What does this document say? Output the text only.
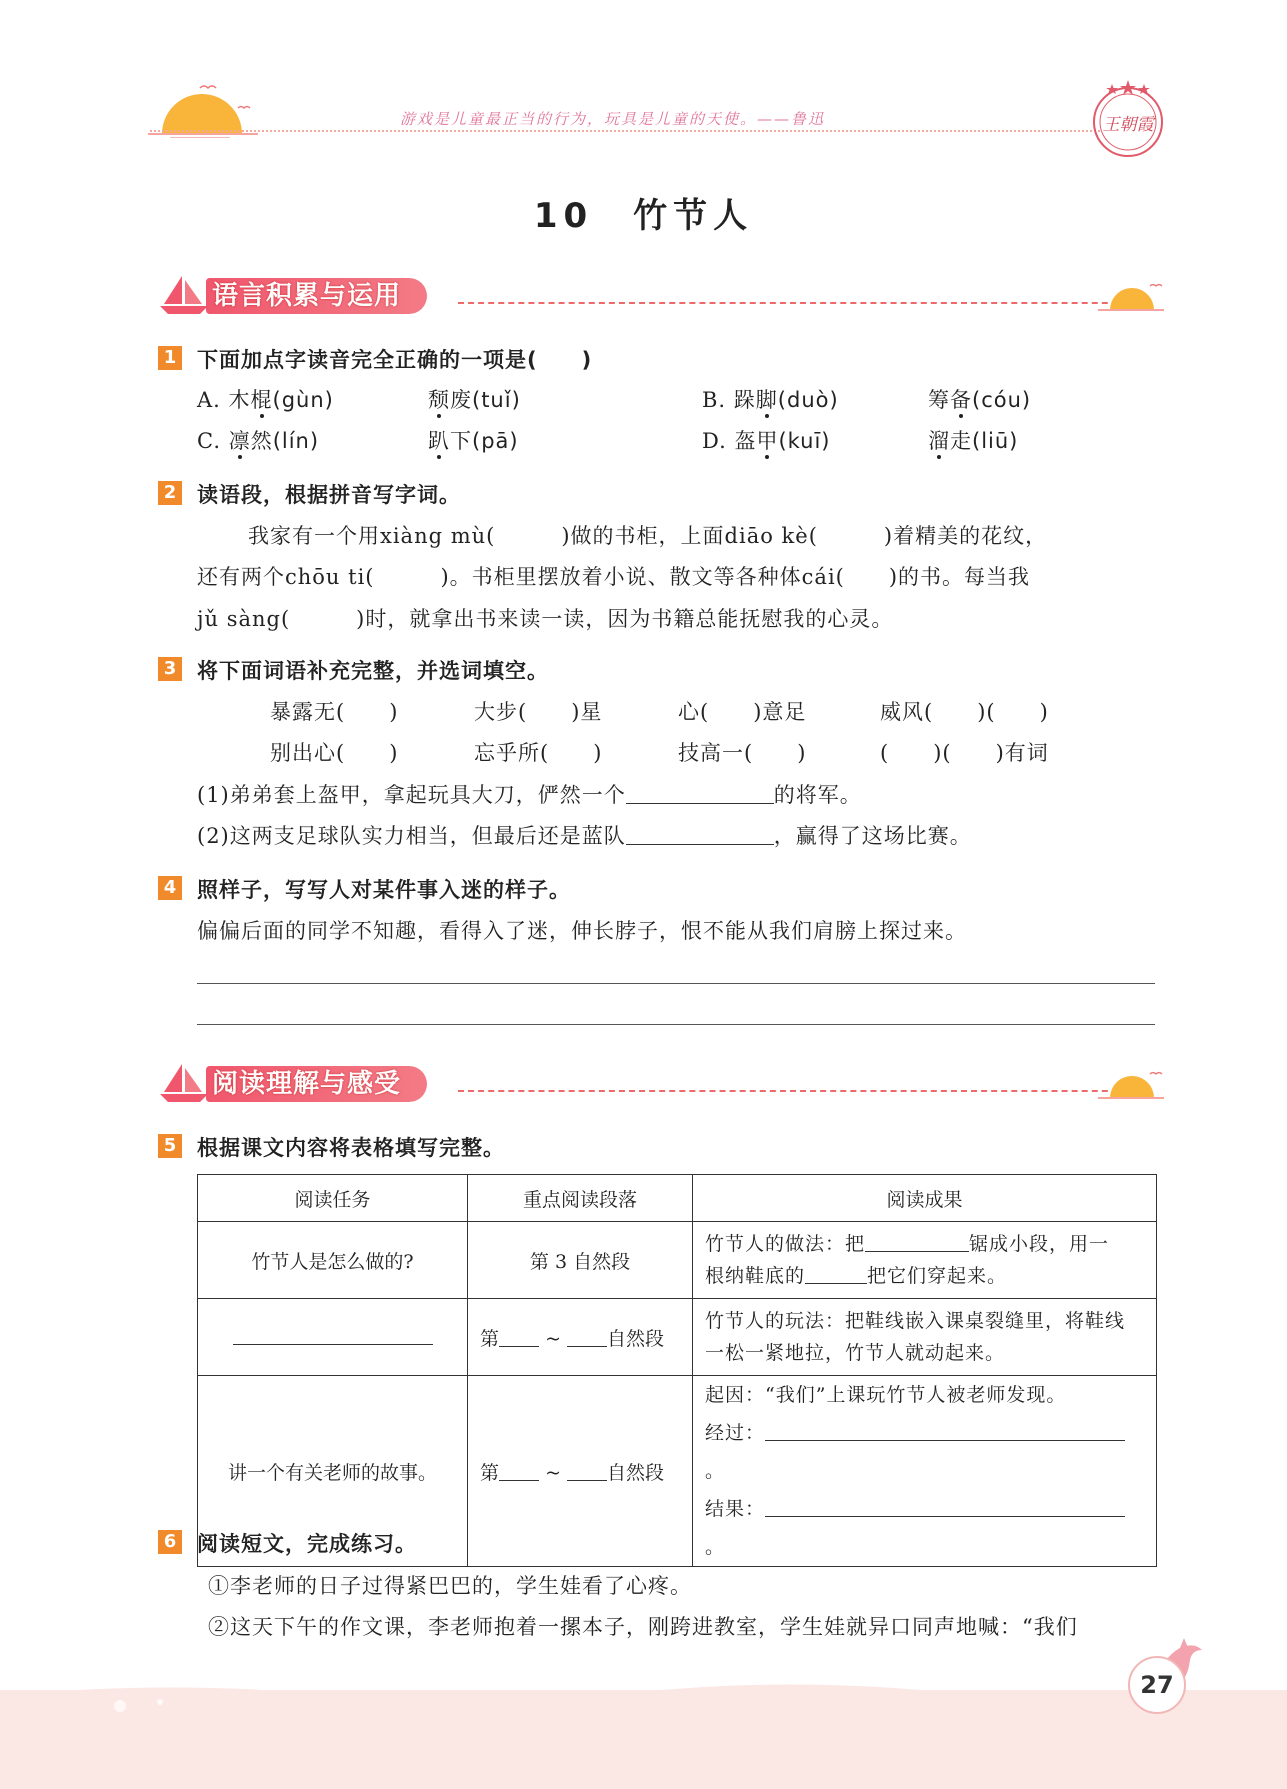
游戏是儿童最正当的行为，玩具是儿童的天使。——鲁迅	王朝霞
10　竹节人
语言积累与运用
1 下面加点字读音完全正确的一项是(　　)
A. 木棍(gùn)	颓废(tuǐ)	B. 跺脚(duò)	筹备(cóu)
C. 凛然(lín)	趴下(pā)	D. 盔甲(kuī)	溜走(liū)
2 读语段，根据拼音写字词。
我家有一个用xiàng mù(　　　)做的书柜，上面diāo kè(　　　)着精美的花纹，
还有两个chōu ti(　　　)。书柜里摆放着小说、散文等各种体cái(　　)的书。每当我
jǔ sàng(　　　)时，就拿出书来读一读，因为书籍总能抚慰我的心灵。
3 将下面词语补充完整，并选词填空。
暴露无(　　)	大步(　　)星	心(　　)意足	威风(　　)(　　)
别出心(　　)	忘乎所(　　)	技高一(　　)	(　　)(　　)有词
(1)弟弟套上盔甲，拿起玩具大刀，俨然一个	的将军。
(2)这两支足球队实力相当，但最后还是蓝队	，赢得了这场比赛。
4 照样子，写写人对某件事入迷的样子。
偏偏后面的同学不知趣，看得入了迷，伸长脖子，恨不能从我们肩膀上探过来。
阅读理解与感受
5 根据课文内容将表格填写完整。
阅读任务	重点阅读段落	阅读成果
竹节人是怎么做的?	第 3 自然段	竹节人的做法：把 锯成小段，用一
根纳鞋底的 把它们穿起来。

	第 ~ 自然段	竹节人的玩法：把鞋线嵌入课桌裂缝里，将鞋线一松一紧地拉，竹节人就动起来。

讲一个有关老师的故事。	第 ~ 自然段	起因：“我们”上课玩竹节人被老师发现。
经过：。
结果：。
6 阅读短文，完成练习。
①李老师的日子过得紧巴巴的，学生娃看了心疼。
②这天下午的作文课，李老师抱着一摞本子，刚跨进教室，学生娃就异口同声地喊：“我们
27
